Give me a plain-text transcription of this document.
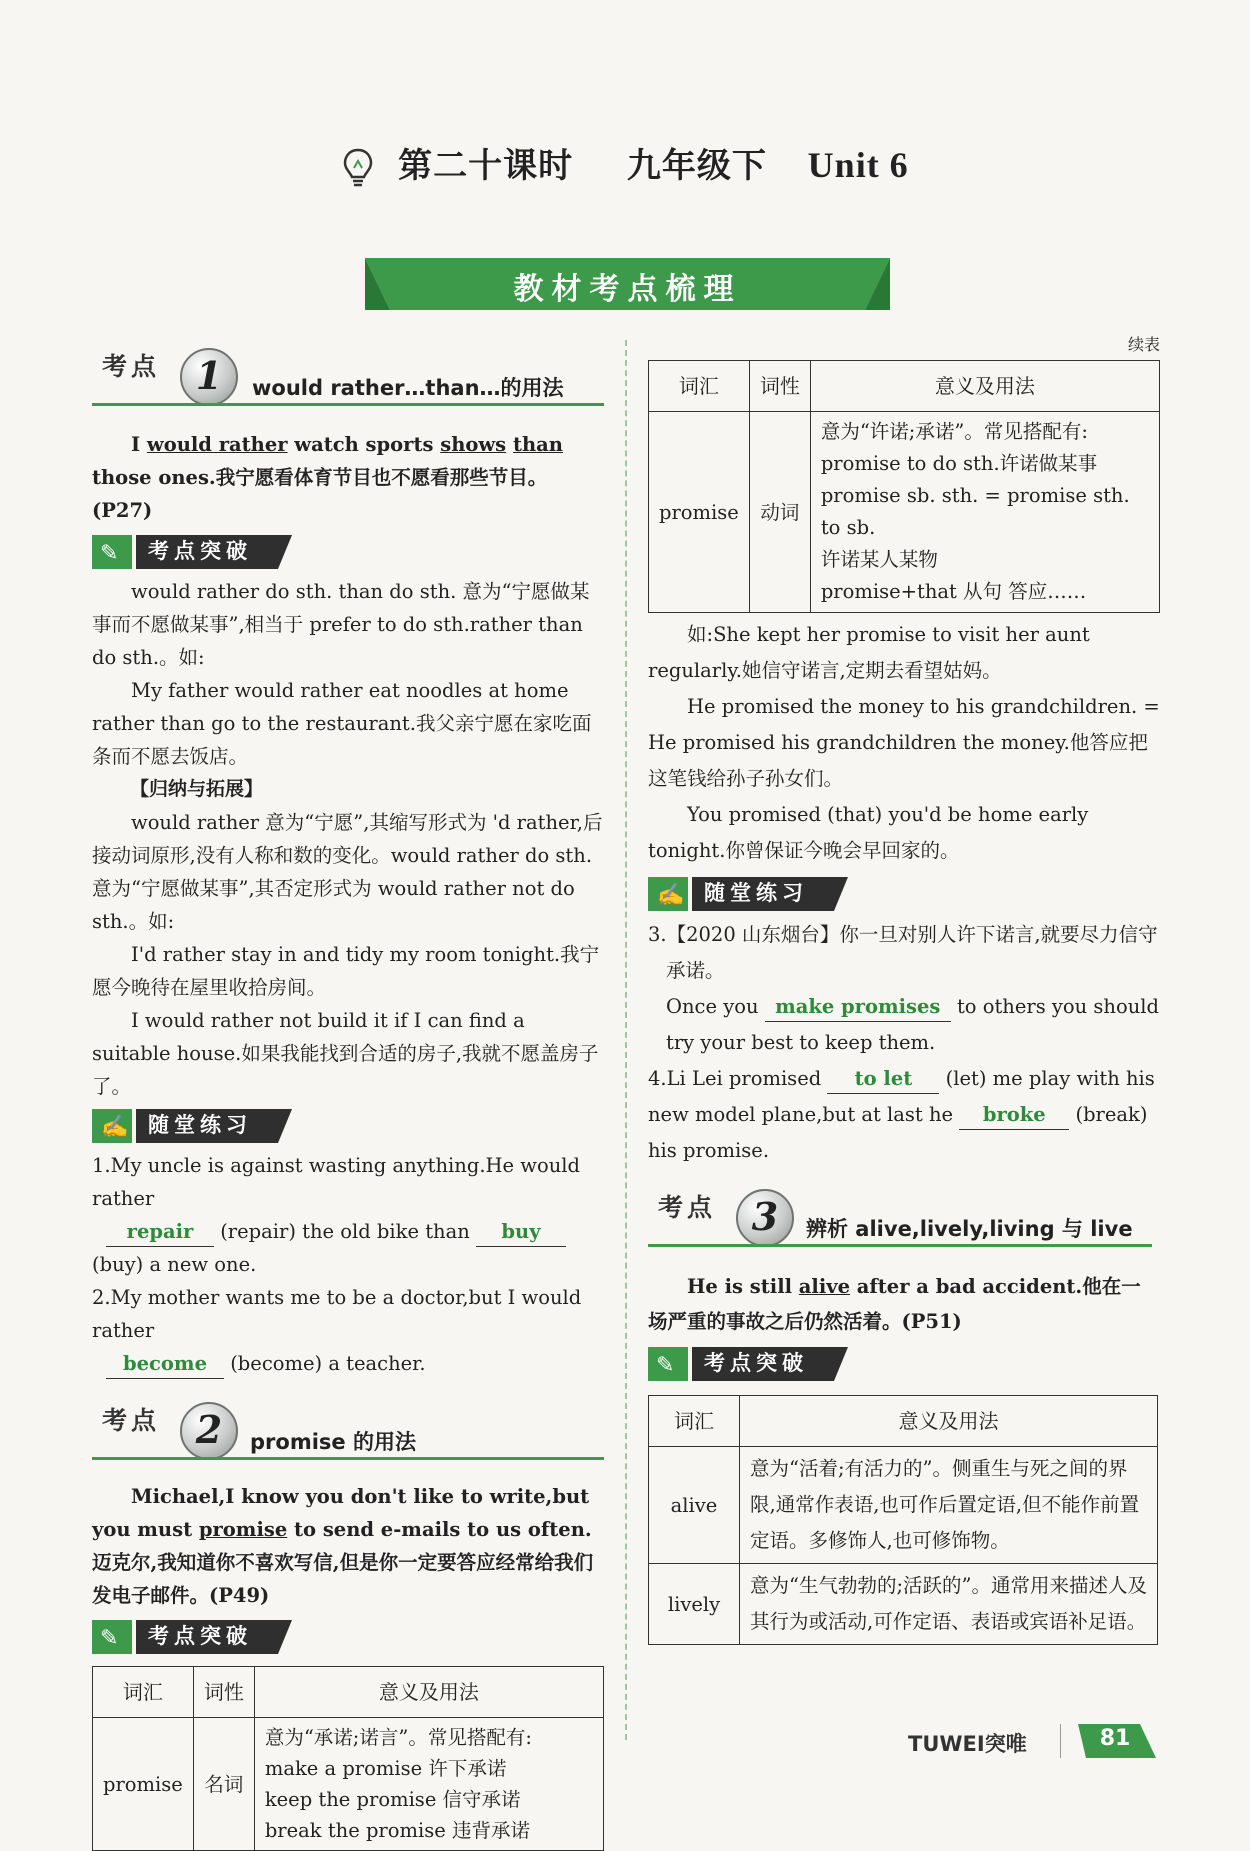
第二十课时 九年级下 Unit 6
教材考点梳理
考点 1	would rather…than…的用法
I would rather watch sports shows than those ones.我宁愿看体育节目也不愿看那些节目。(P27)
✎ 考点突破
would rather do sth. than do sth. 意为“宁愿做某事而不愿做某事”,相当于 prefer to do sth.rather than do sth.。如:
My father would rather eat noodles at home rather than go to the restaurant.我父亲宁愿在家吃面条而不愿去饭店。
【归纳与拓展】
would rather 意为“宁愿”,其缩写形式为 'd rather,后接动词原形,没有人称和数的变化。would rather do sth.意为“宁愿做某事”,其否定形式为 would rather not do sth.。如:
I'd rather stay in and tidy my room tonight.我宁愿今晚待在屋里收拾房间。
I would rather not build it if I can find a suitable house.如果我能找到合适的房子,我就不愿盖房子了。
✍ 随堂练习
1.My uncle is against wasting anything.He would rather
repair (repair) the old bike than buy
(buy) a new one.
2.My mother wants me to be a doctor,but I would rather
become (become) a teacher.
考点 2	promise 的用法
Michael,I know you don't like to write,but you must promise to send e-mails to us often.迈克尔,我知道你不喜欢写信,但是你一定要答应经常给我们发电子邮件。(P49)
✎ 考点突破
词汇	词性	意义及用法
promise	名词	意为“承诺;诺言”。常见搭配有:
make a promise 许下承诺
keep the promise 信守承诺
break the promise 违背承诺
续表
词汇	词性	意义及用法
promise	动词	意为“许诺;承诺”。常见搭配有:
promise to do sth.许诺做某事
promise sb. sth. = promise sth. to sb.
许诺某人某物
promise+that 从句 答应……
如:She kept her promise to visit her aunt regularly.她信守诺言,定期去看望姑妈。
He promised the money to his grandchildren. = He promised his grandchildren the money.他答应把这笔钱给孙子孙女们。
You promised (that) you'd be home early tonight.你曾保证今晚会早回家的。
✍ 随堂练习
3.【2020 山东烟台】你一旦对别人许下诺言,就要尽力信守承诺。
Once you make promises to others you should try your best to keep them.
4.Li Lei promised to let (let) me play with his new model plane,but at last he broke (break) his promise.
考点 3	辨析 alive,lively,living 与 live
He is still alive after a bad accident.他在一场严重的事故之后仍然活着。(P51)
✎ 考点突破
词汇	意义及用法
alive	意为“活着;有活力的”。侧重生与死之间的界限,通常作表语,也可作后置定语,但不能作前置定语。多修饰人,也可修饰物。
lively	意为“生气勃勃的;活跃的”。通常用来描述人及其行为或活动,可作定语、表语或宾语补足语。
TUWEI突唯	81
